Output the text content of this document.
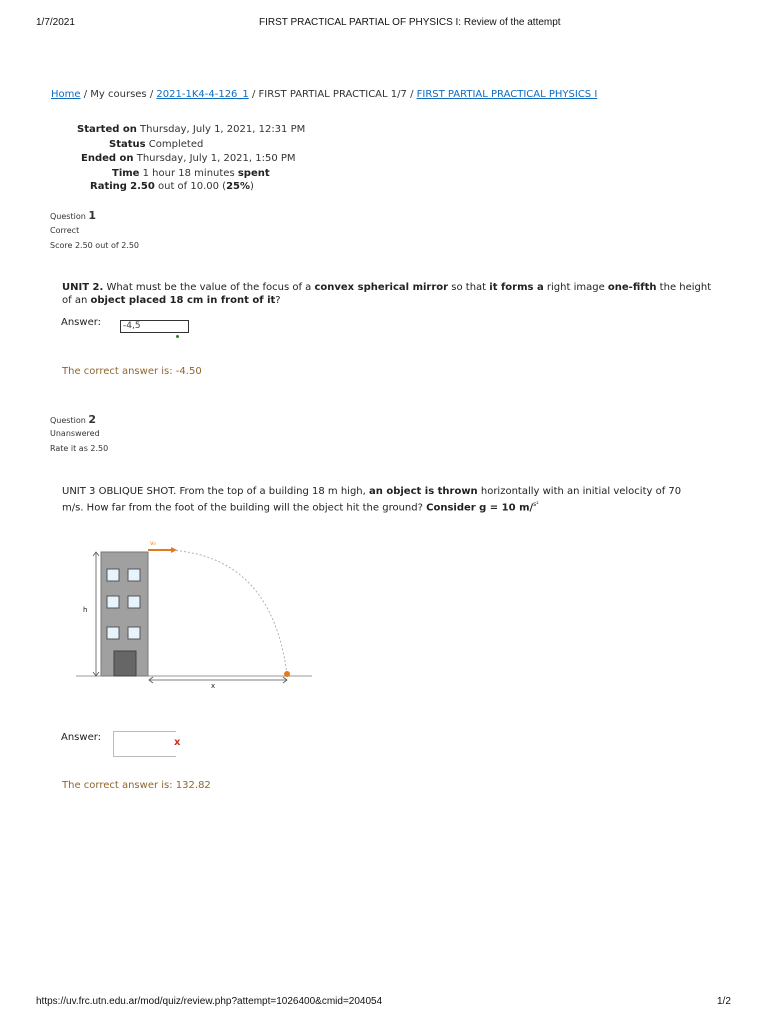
1/7/2021	FIRST PRACTICAL PARTIAL OF PHYSICS I: Review of the attempt
Home / My courses / 2021-1K4-4-126_1 / FIRST PARTIAL PRACTICAL 1/7 / FIRST PARTIAL PRACTICAL PHYSICS I
Started on Thursday, July 1, 2021, 12:31 PM
Status Completed
Ended on Thursday, July 1, 2021, 1:50 PM
Time 1 hour 18 minutes spent
Rating 2.50 out of 10.00 (25%)
Question 1
Correct
Score 2.50 out of 2.50
UNIT 2. What must be the value of the focus of a convex spherical mirror so that it forms a right image one-fifth the height of an object placed 18 cm in front of it?
Answer:	-4,5
The correct answer is: -4.50
Question 2
Unanswered
Rate it as 2.50
UNIT 3 OBLIQUE SHOT. From the top of a building 18 m high, an object is thrown horizontally with an initial velocity of 70 m/s. How far from the foot of the building will the object hit the ground? Consider g = 10 m/$^{s^2}$
h
v₀
x
Answer:	x
The correct answer is: 132.82
https://uv.frc.utn.edu.ar/mod/quiz/review.php?attempt=1026400&cmid=204054	1/2
